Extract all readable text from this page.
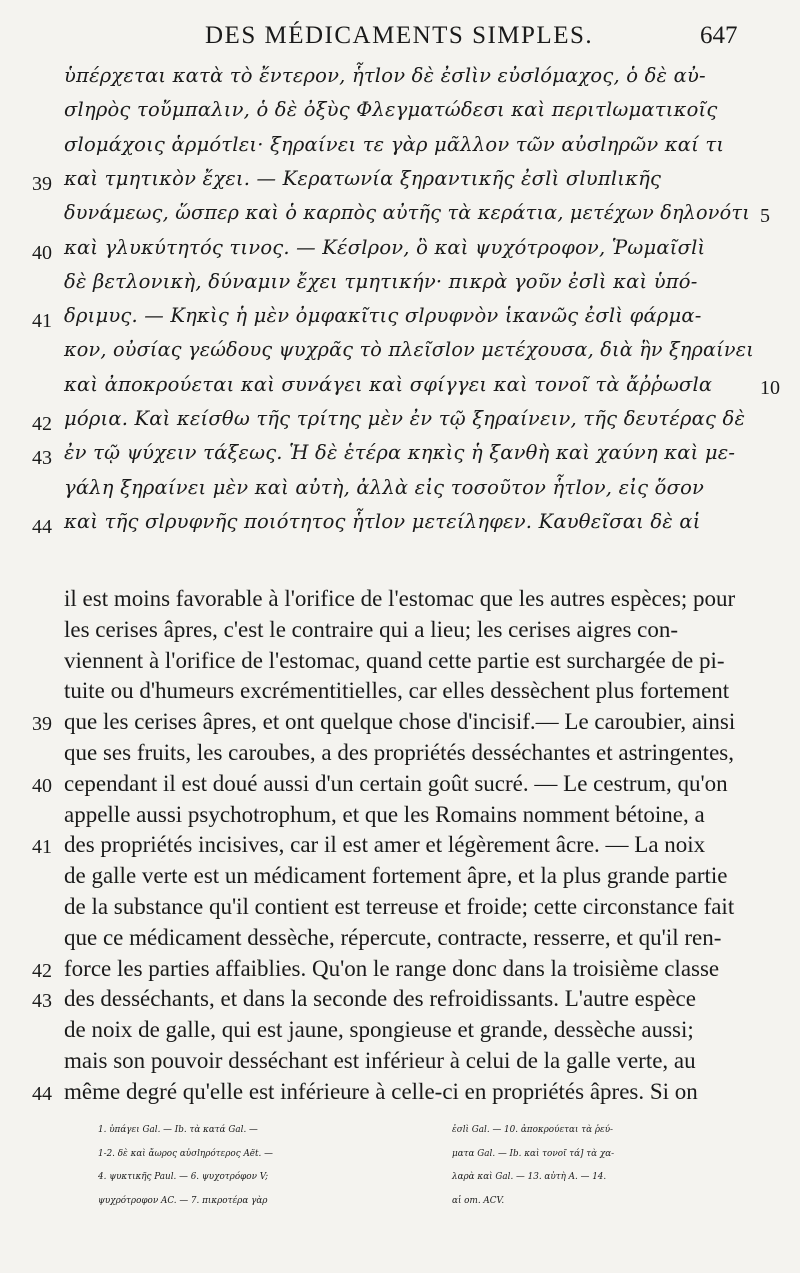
DES MÉDICAMENTS SIMPLES.	647
ὑπέρχεται κατὰ τὸ ἔντερον, ἧτlον δὲ ἐσlὶν εὐσlόμαχος, ὁ δὲ αὐ-
σlηρὸς τοὔμπαλιν, ὁ δὲ ὀξὺς Φλεγματώδεσι καὶ περιτlωματικοῖς
σlομάχοις ἁρμότlει· ξηραίνει τε γὰρ μᾶλλον τῶν αὐσlηρῶν καί τι
39 καὶ τμητικὸν ἔχει. — Κερατωνία ξηραντικῆς ἐσlὶ σlυπlικῆς
δυνάμεως, ὥσπερ καὶ ὁ καρπὸς αὐτῆς τὰ κεράτια, μετέχων δηλονότι 5
40 καὶ γλυκύτητός τινος. — Κέσlρον, ὃ καὶ ψυχότροφον, Ῥωμαῖσlὶ
δὲ βετλονικὴ, δύναμιν ἔχει τμητικήν· πικρὰ γοῦν ἐσlὶ καὶ ὑπό-
41 δριμυς. — Κηκὶς ἡ μὲν ὀμφακῖτις σlρυφνὸν ἱκανῶς ἐσlὶ φάρμα-
κον, οὐσίας γεώδους ψυχρᾶς τὸ πλεῖσlον μετέχουσα, διὰ ἣν ξηραίνει
καὶ ἀποκρούεται καὶ συνάγει καὶ σφίγγει καὶ τονοῖ τὰ ἄῤῥωσlα	10
42 μόρια. Καὶ κείσθω τῆς τρίτης μὲν ἐν τῷ ξηραίνειν, τῆς δευτέρας δὲ
43 ἐν τῷ ψύχειν τάξεως. Ἡ δὲ ἑτέρα κηκὶς ἡ ξανθὴ καὶ χαύνη καὶ με-
γάλη ξηραίνει μὲν καὶ αὐτὴ, ἀλλὰ εἰς τοσοῦτον ἧτlον, εἰς ὅσον
44 καὶ τῆς σlρυφνῆς ποιότητος ἧτlον μετείληφεν. Καυθεῖσαι δὲ αἱ
il est moins favorable à l'orifice de l'estomac que les autres espèces; pour
les cerises âpres, c'est le contraire qui a lieu; les cerises aigres con-
viennent à l'orifice de l'estomac, quand cette partie est surchargée de pi-
tuite ou d'humeurs excrémentitielles, car elles dessèchent plus fortement
39 que les cerises âpres, et ont quelque chose d'incisif.— Le caroubier, ainsi
que ses fruits, les caroubes, a des propriétés desséchantes et astringentes,
40 cependant il est doué aussi d'un certain goût sucré. — Le cestrum, qu'on
appelle aussi psychotrophum, et que les Romains nomment bétoine, a
41 des propriétés incisives, car il est amer et légèrement âcre. — La noix
de galle verte est un médicament fortement âpre, et la plus grande partie
de la substance qu'il contient est terreuse et froide; cette circonstance fait
que ce médicament dessèche, répercute, contracte, resserre, et qu'il ren-
42 force les parties affaiblies. Qu'on le range donc dans la troisième classe
43 des desséchants, et dans la seconde des refroidissants. L'autre espèce
de noix de galle, qui est jaune, spongieuse et grande, dessèche aussi;
mais son pouvoir desséchant est inférieur à celui de la galle verte, au
44 même degré qu'elle est inférieure à celle-ci en propriétés âpres. Si on
1. ὑπάγει Gal. — Ib. τὰ κατά Gal. —
1-2. δὲ καὶ ἄωρος αὐσlηρότερος Aët. —
4. ψυκτικῆς Paul. — 6. ψυχοτρόφον V;
ψυχρότροφον AC. — 7. πικροτέρα γὰρ
ἐσlὶ Gal. — 10. ἀποκρούεται τὰ ῥεύ-
ματα Gal. — Ib. καὶ τονοῖ τά] τὰ χα-
λαρὰ καὶ Gal. — 13. αὐτὴ A. — 14.
αἱ om. ACV.
